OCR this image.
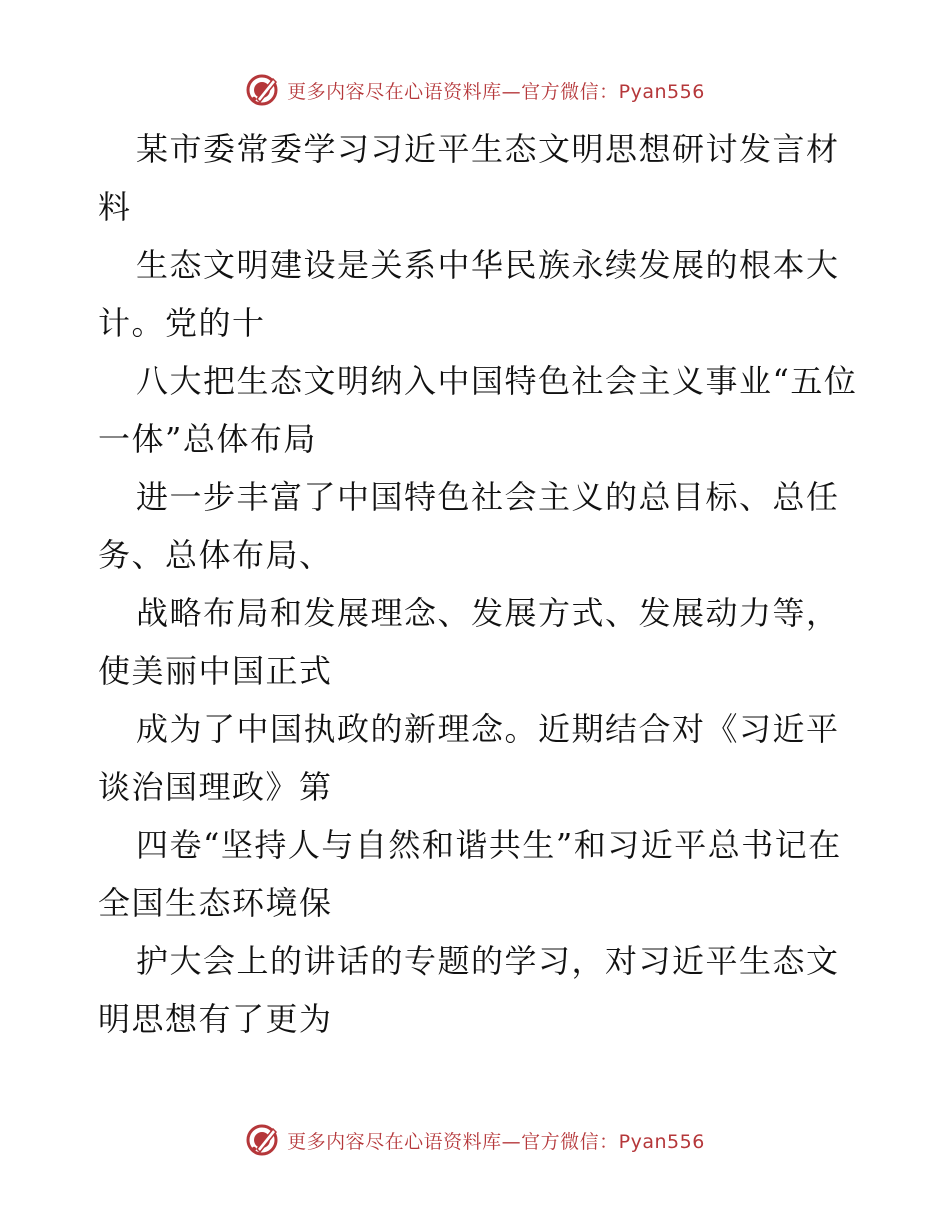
更多内容尽在心语资料库—官方微信：Pyan556

某市委常委学习习近平生态文明思想研讨发言材料

生态文明建设是关系中华民族永续发展的根本大计。党的十

八大把生态文明纳入中国特色社会主义事业“五位一体”总体布局

进一步丰富了中国特色社会主义的总目标、总任务、总体布局、

战略布局和发展理念、发展方式、发展动力等，使美丽中国正式

成为了中国执政的新理念。近期结合对《习近平谈治国理政》第

四卷“坚持人与自然和谐共生”和习近平总书记在全国生态环境保

护大会上的讲话的专题的学习，对习近平生态文明思想有了更为

更多内容尽在心语资料库—官方微信：Pyan556
